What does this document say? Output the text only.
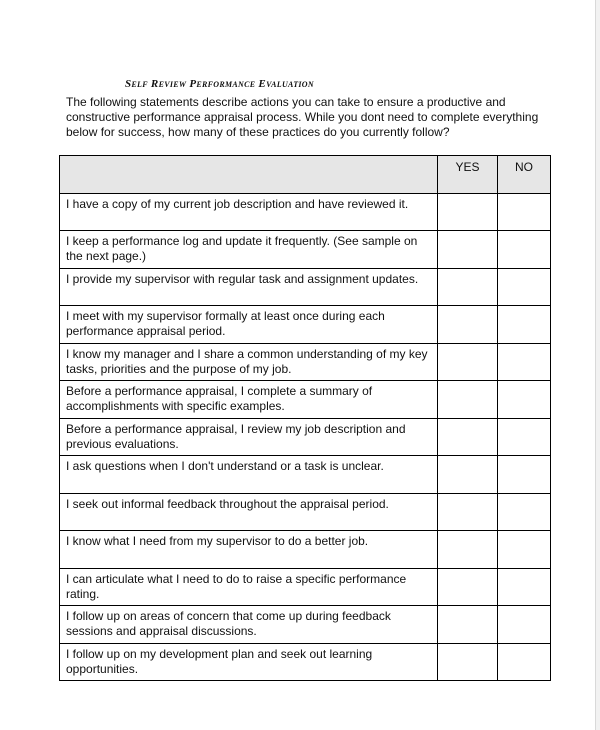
Self Review Performance Evaluation
The following statements describe actions you can take to ensure a productive and constructive performance appraisal process. While you dont need to complete everything below for success, how many of these practices do you currently follow?
	YES	NO
I have a copy of my current job description and have reviewed it.		
I keep a performance log and update it frequently. (See sample on the next page.)		
I provide my supervisor with regular task and assignment updates.		
I meet with my supervisor formally at least once during each performance appraisal period.		
I know my manager and I share a common understanding of my key tasks, priorities and the purpose of my job.		
Before a performance appraisal, I complete a summary of accomplishments with specific examples.		
Before a performance appraisal, I review my job description and previous evaluations.		
I ask questions when I don't understand or a task is unclear.		
I seek out informal feedback throughout the appraisal period.		
I know what I need from my supervisor to do a better job.		
I can articulate what I need to do to raise a specific performance rating.		
I follow up on areas of concern that come up during feedback sessions and appraisal discussions.		
I follow up on my development plan and seek out learning opportunities.		
